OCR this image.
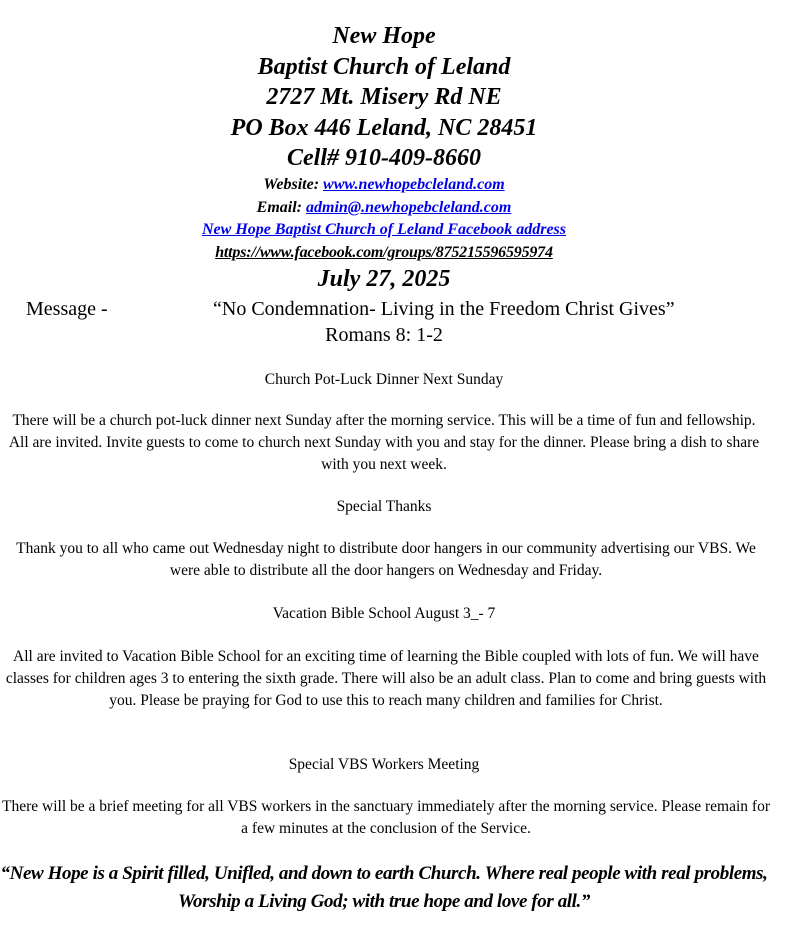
New Hope

Baptist Church of Leland

2727 Mt. Misery Rd NE

PO Box 446 Leland, NC 28451

Cell# 910-409-8660

Website: www.newhopebcleland.com

Email: admin@.newhopebcleland.com

New Hope Baptist Church of Leland Facebook address

https://www.facebook.com/groups/875215596595974

July 27, 2025

Message -	“No Condemnation- Living in the Freedom Christ Gives”
Romans 8: 1-2

Church Pot-Luck Dinner Next Sunday

There will be a church pot-luck dinner next Sunday after the morning service. This will be a time of fun and fellowship. All are invited. Invite guests to come to church next Sunday with you and stay for the dinner. Please bring a dish to share with you next week.

Special Thanks

Thank you to all who came out Wednesday night to distribute door hangers in our community advertising our VBS. We were able to distribute all the door hangers on Wednesday and Friday.

Vacation Bible School August 3_- 7

All are invited to Vacation Bible School for an exciting time of learning the Bible coupled with lots of fun. We will have classes for children ages 3 to entering the sixth grade. There will also be an adult class. Plan to come and bring guests with you. Please be praying for God to use this to reach many children and families for Christ.

Special VBS Workers Meeting

There will be a brief meeting for all VBS workers in the sanctuary immediately after the morning service. Please remain for a few minutes at the conclusion of the Service.

“New Hope is a Spirit filled, Unifled, and down to earth Church. Where real people with real problems, Worship a Living God; with true hope and love for all.”
